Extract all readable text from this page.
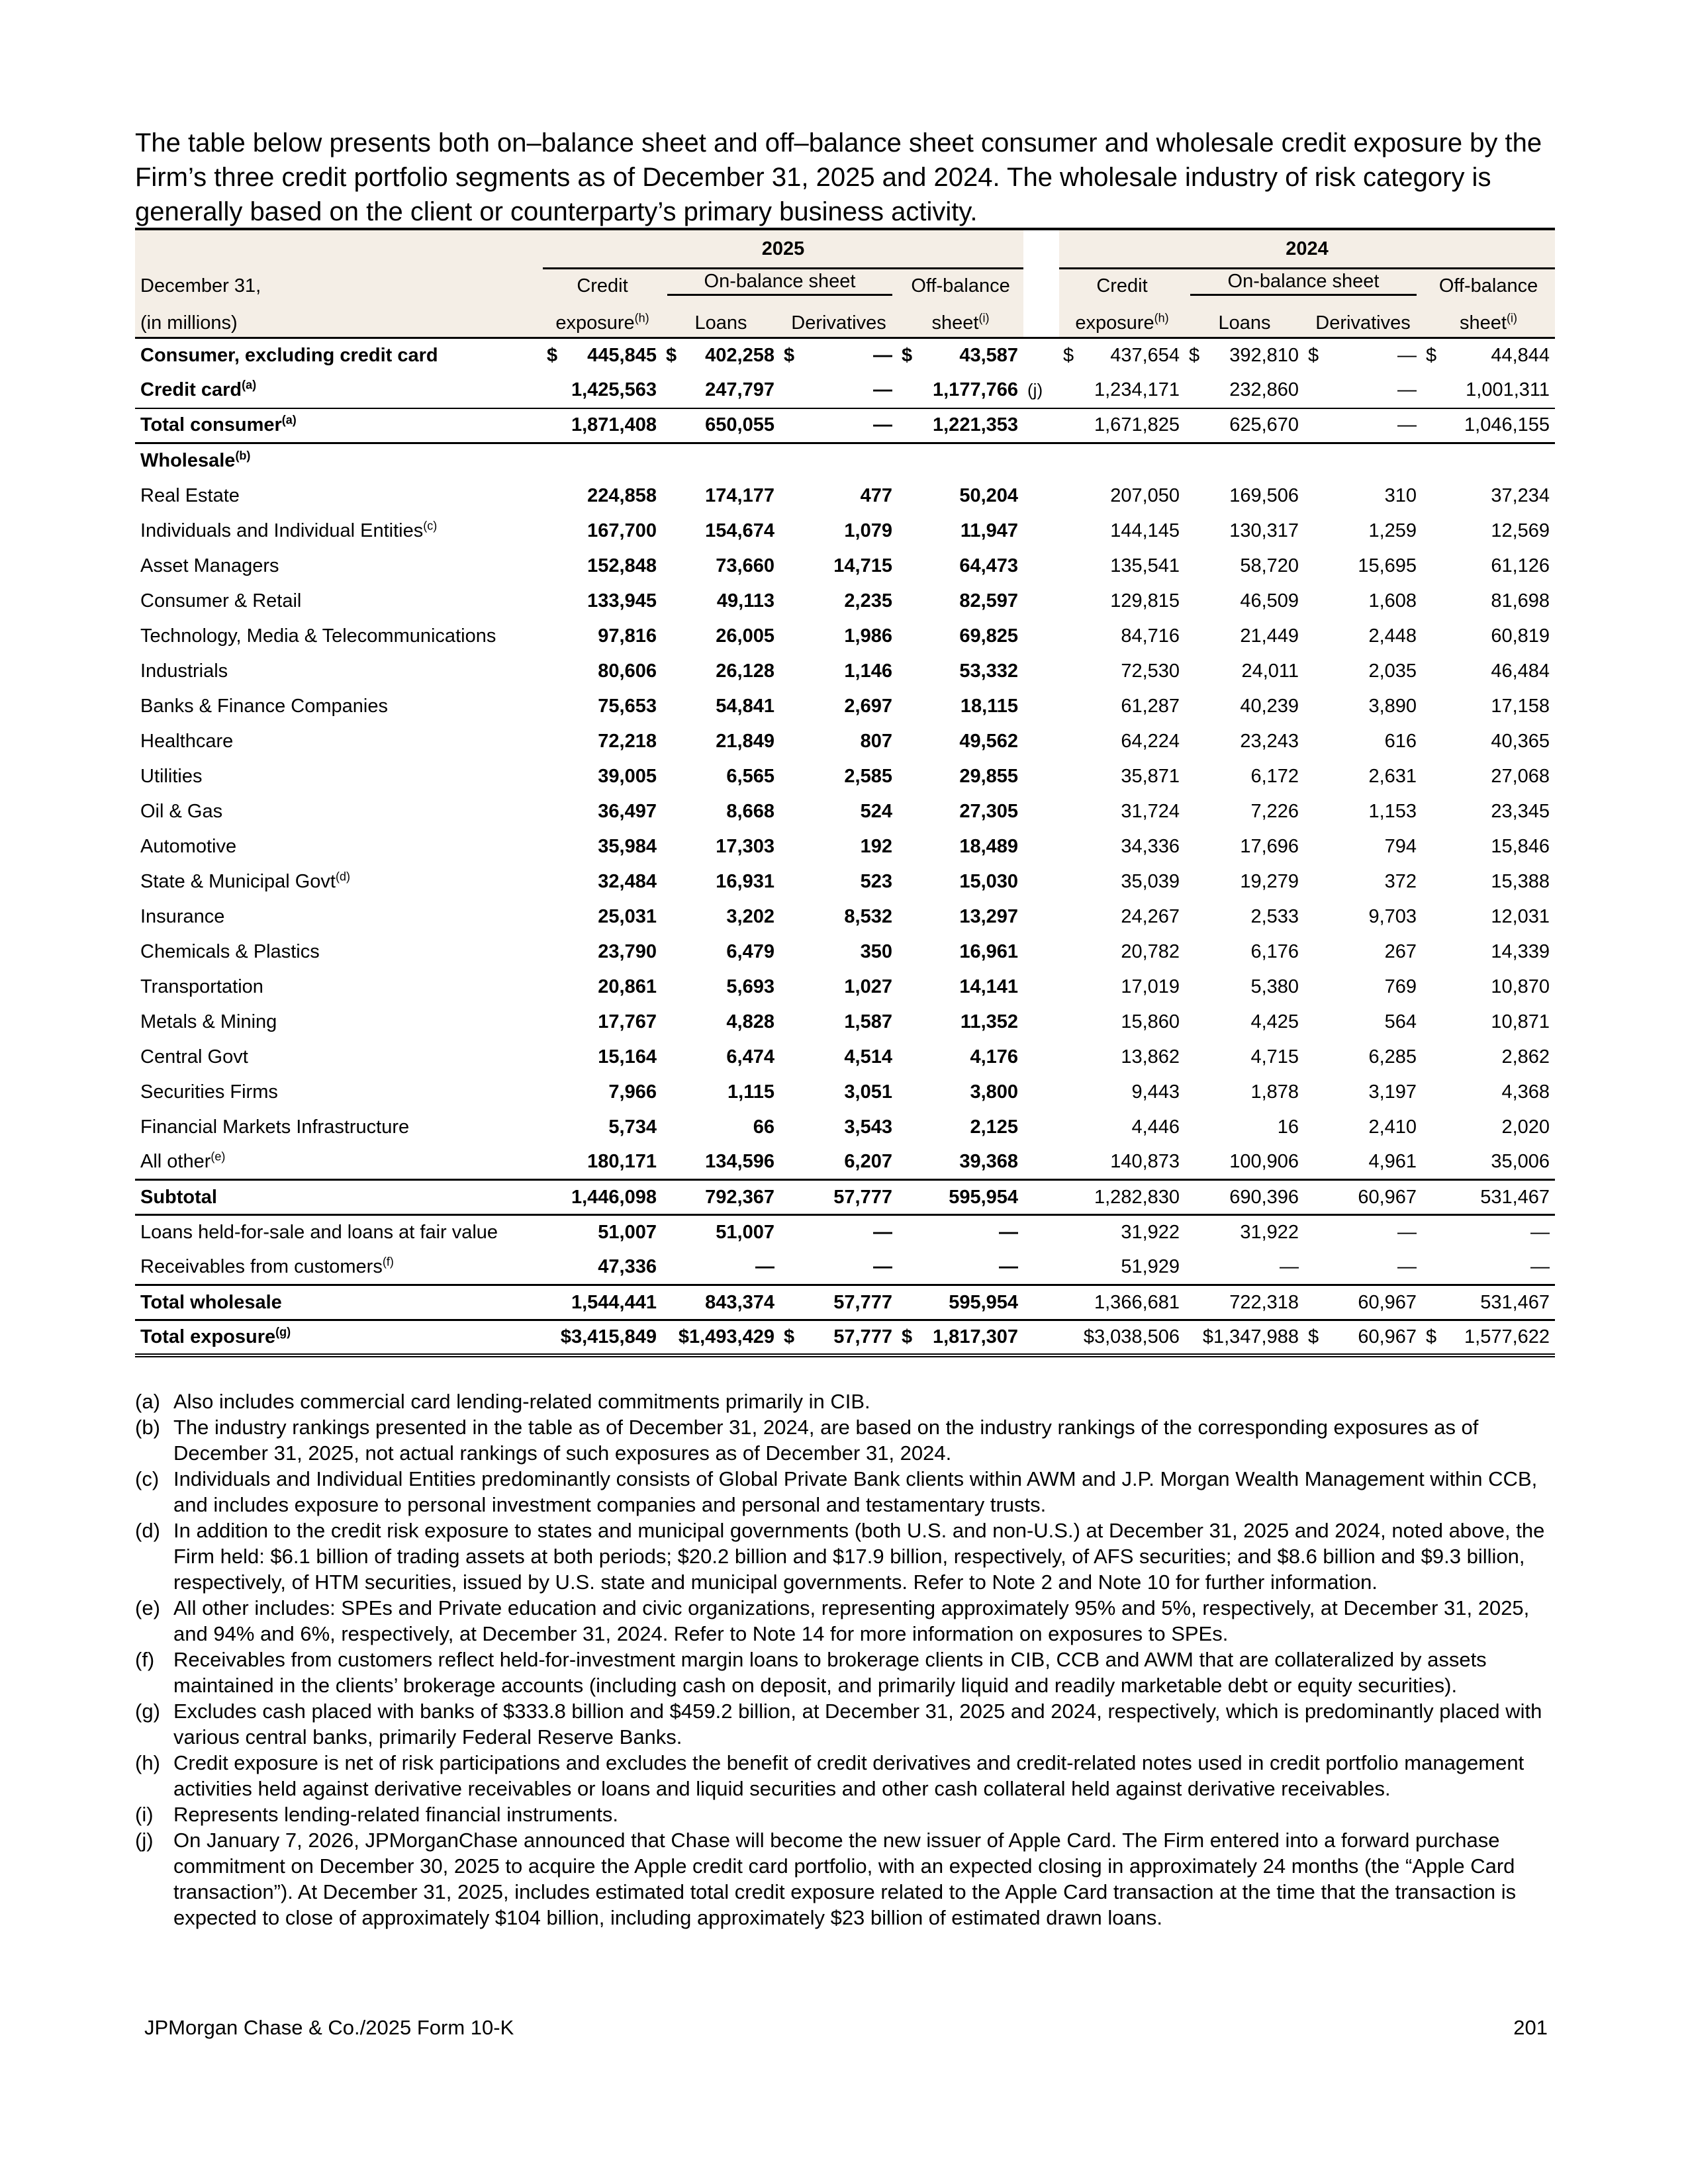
The table below presents both on–balance sheet and off–balance sheet consumer and wholesale credit exposure by the Firm’s three credit portfolio segments as of December 31, 2025 and 2024. The wholesale industry of risk category is generally based on the client or counterparty’s primary business activity.

	2025					2024			
December 31,	Credit	On-balance sheet		Off-balance		Credit	On-balance sheet		Off-balance
(in millions)	exposure$^{(h)}$	Loans	Derivatives	sheet$^{(i)}$		exposure$^{(h)}$	Loans	Derivatives	sheet$^{(i)}$
Consumer, excluding credit card	$ 445,845	$ 402,258	$ —	$ 43,587		$ 437,654	$ 392,810	$ —	$ 44,844
Credit card$^{(a)}$	1,425,563	247,797	—	1,177,766	(j)	1,234,171	232,860	—	1,001,311
Total consumer$^{(a)}$	1,871,408	650,055	—	1,221,353		1,671,825	625,670	—	1,046,155
Wholesale$^{(b)}$									
Real Estate	224,858	174,177	477	50,204		207,050	169,506	310	37,234
Individuals and Individual Entities$^{(c)}$	167,700	154,674	1,079	11,947		144,145	130,317	1,259	12,569
Asset Managers	152,848	73,660	14,715	64,473		135,541	58,720	15,695	61,126
Consumer & Retail	133,945	49,113	2,235	82,597		129,815	46,509	1,608	81,698
Technology, Media & Telecommunications	97,816	26,005	1,986	69,825		84,716	21,449	2,448	60,819
Industrials	80,606	26,128	1,146	53,332		72,530	24,011	2,035	46,484
Banks & Finance Companies	75,653	54,841	2,697	18,115		61,287	40,239	3,890	17,158
Healthcare	72,218	21,849	807	49,562		64,224	23,243	616	40,365
Utilities	39,005	6,565	2,585	29,855		35,871	6,172	2,631	27,068
Oil & Gas	36,497	8,668	524	27,305		31,724	7,226	1,153	23,345
Automotive	35,984	17,303	192	18,489		34,336	17,696	794	15,846
State & Municipal Govt$^{(d)}$	32,484	16,931	523	15,030		35,039	19,279	372	15,388
Insurance	25,031	3,202	8,532	13,297		24,267	2,533	9,703	12,031
Chemicals & Plastics	23,790	6,479	350	16,961		20,782	6,176	267	14,339
Transportation	20,861	5,693	1,027	14,141		17,019	5,380	769	10,870
Metals & Mining	17,767	4,828	1,587	11,352		15,860	4,425	564	10,871
Central Govt	15,164	6,474	4,514	4,176		13,862	4,715	6,285	2,862
Securities Firms	7,966	1,115	3,051	3,800		9,443	1,878	3,197	4,368
Financial Markets Infrastructure	5,734	66	3,543	2,125		4,446	16	2,410	2,020
All other$^{(e)}$	180,171	134,596	6,207	39,368		140,873	100,906	4,961	35,006
Subtotal	1,446,098	792,367	57,777	595,954		1,282,830	690,396	60,967	531,467
Loans held-for-sale and loans at fair value	51,007	51,007	—	—		31,922	31,922	—	—
Receivables from customers$^{(f)}$	47,336	—	—	—		51,929	—	—	—
Total wholesale	1,544,441	843,374	57,777	595,954		1,366,681	722,318	60,967	531,467
Total exposure$^{(g)}$	$3,415,849	$1,493,429	$ 57,777	$ 1,817,307		$3,038,506	$1,347,988	$ 60,967	$ 1,577,622
(a) Also includes commercial card lending-related commitments primarily in CIB.
(b) The industry rankings presented in the table as of December 31, 2024, are based on the industry rankings of the corresponding exposures as of December 31, 2025, not actual rankings of such exposures as of December 31, 2024.
(c) Individuals and Individual Entities predominantly consists of Global Private Bank clients within AWM and J.P. Morgan Wealth Management within CCB, and includes exposure to personal investment companies and personal and testamentary trusts.
(d) In addition to the credit risk exposure to states and municipal governments (both U.S. and non-U.S.) at December 31, 2025 and 2024, noted above, the Firm held: $6.1 billion of trading assets at both periods; $20.2 billion and $17.9 billion, respectively, of AFS securities; and $8.6 billion and $9.3 billion, respectively, of HTM securities, issued by U.S. state and municipal governments. Refer to Note 2 and Note 10 for further information.
(e) All other includes: SPEs and Private education and civic organizations, representing approximately 95% and 5%, respectively, at December 31, 2025, and 94% and 6%, respectively, at December 31, 2024. Refer to Note 14 for more information on exposures to SPEs.
(f) Receivables from customers reflect held-for-investment margin loans to brokerage clients in CIB, CCB and AWM that are collateralized by assets maintained in the clients’ brokerage accounts (including cash on deposit, and primarily liquid and readily marketable debt or equity securities).
(g) Excludes cash placed with banks of $333.8 billion and $459.2 billion, at December 31, 2025 and 2024, respectively, which is predominantly placed with various central banks, primarily Federal Reserve Banks.
(h) Credit exposure is net of risk participations and excludes the benefit of credit derivatives and credit-related notes used in credit portfolio management activities held against derivative receivables or loans and liquid securities and other cash collateral held against derivative receivables.
(i) Represents lending-related financial instruments.
(j) On January 7, 2026, JPMorganChase announced that Chase will become the new issuer of Apple Card. The Firm entered into a forward purchase commitment on December 30, 2025 to acquire the Apple credit card portfolio, with an expected closing in approximately 24 months (the “Apple Card transaction”). At December 31, 2025, includes estimated total credit exposure related to the Apple Card transaction at the time that the transaction is expected to close of approximately $104 billion, including approximately $23 billion of estimated drawn loans.
JPMorgan Chase & Co./2025 Form 10-K	201
